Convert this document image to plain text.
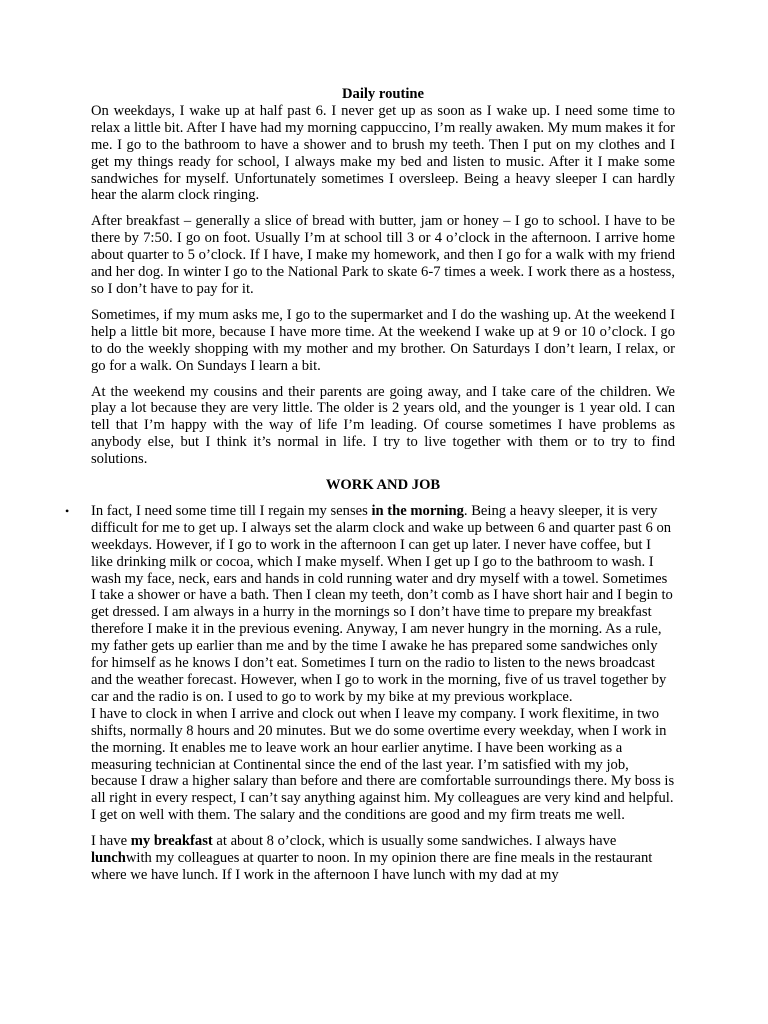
Daily routine

On weekdays, I wake up at half past 6. I never get up as soon as I wake up. I need some time to relax a little bit. After I have had my morning cappuccino, I’m really awaken. My mum makes it for me. I go to the bathroom to have a shower and to brush my teeth. Then I put on my clothes and I get my things ready for school, I always make my bed and listen to music. After it I make some sandwiches for myself. Unfortunately sometimes I oversleep. Being a heavy sleeper I can hardly hear the alarm clock ringing.

After breakfast – generally a slice of bread with butter, jam or honey – I go to school. I have to be there by 7:50. I go on foot. Usually I’m at school till 3 or 4 o’clock in the afternoon. I arrive home about quarter to 5 o’clock. If I have, I make my homework, and then I go for a walk with my friend and her dog. In winter I go to the National Park to skate 6-7 times a week. I work there as a hostess, so I don’t have to pay for it.

Sometimes, if my mum asks me, I go to the supermarket and I do the washing up. At the weekend I help a little bit more, because I have more time. At the weekend I wake up at 9 or 10 o’clock. I go to do the weekly shopping with my mother and my brother. On Saturdays I don’t learn, I relax, or go for a walk. On Sundays I learn a bit.

At the weekend my cousins and their parents are going away, and I take care of the children. We play a lot because they are very little. The older is 2 years old, and the younger is 1 year old. I can tell that I’m happy with the way of life I’m leading. Of course sometimes I have problems as anybody else, but I think it’s normal in life. I try to live together with them or to try to find solutions.

WORK AND JOB

• In fact, I need some time till I regain my senses in the morning. Being a heavy sleeper, it is very difficult for me to get up. I always set the alarm clock and wake up between 6 and quarter past 6 on weekdays. However, if I go to work in the afternoon I can get up later. I never have coffee, but I like drinking milk or cocoa, which I make myself. When I get up I go to the bathroom to wash. I wash my face, neck, ears and hands in cold running water and dry myself with a towel. Sometimes I take a shower or have a bath. Then I clean my teeth, don’t comb as I have short hair and I begin to get dressed. I am always in a hurry in the mornings so I don’t have time to prepare my breakfast therefore I make it in the previous evening. Anyway, I am never hungry in the morning. As a rule, my father gets up earlier than me and by the time I awake he has prepared some sandwiches only for himself as he knows I don’t eat. Sometimes I turn on the radio to listen to the news broadcast and the weather forecast. However, when I go to work in the morning, five of us travel together by car and the radio is on. I used to go to work by my bike at my previous workplace.

I have to clock in when I arrive and clock out when I leave my company. I work flexitime, in two shifts, normally 8 hours and 20 minutes. But we do some overtime every weekday, when I work in the morning. It enables me to leave work an hour earlier anytime. I have been working as a measuring technician at Continental since the end of the last year. I’m satisfied with my job, because I draw a higher salary than before and there are comfortable surroundings there. My boss is all right in every respect, I can’t say anything against him. My colleagues are very kind and helpful. I get on well with them. The salary and the conditions are good and my firm treats me well.

I have my breakfast at about 8 o’clock, which is usually some sandwiches. I always have lunchwith my colleagues at quarter to noon. In my opinion there are fine meals in the restaurant where we have lunch. If I work in the afternoon I have lunch with my dad at my
